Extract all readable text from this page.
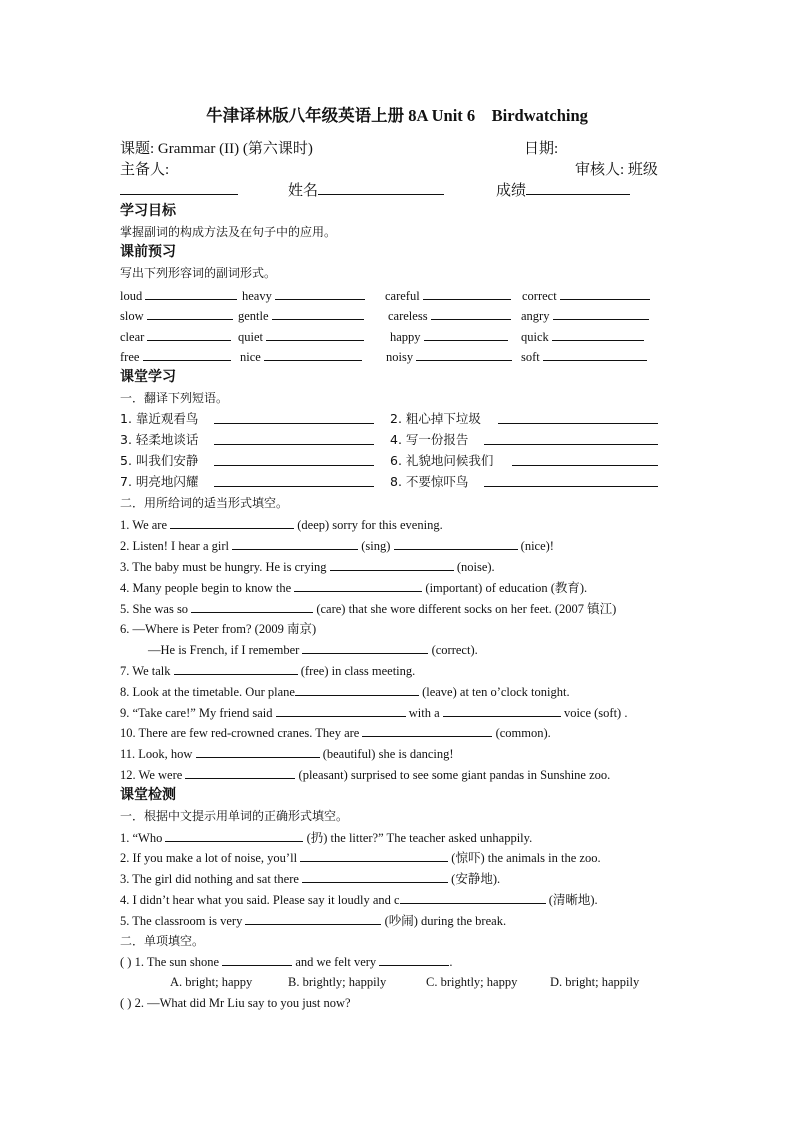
牛津译林版八年级英语上册 8A Unit 6　Birdwatching
课题: Grammar (II) (第六课时)	日期:
主备人:	审核人: 班级
姓名	成绩
学习目标
掌握副词的构成方法及在句子中的应用。
课前预习
写出下列形容词的副词形式。
loud	heavy	careful	correct
slow	gentle	careless	angry
clear	quiet	happy	quick
free	nice	noisy	soft
课堂学习
一．翻译下列短语。
1. 靠近观看鸟	2. 粗心掉下垃圾
3. 轻柔地谈话	4. 写一份报告
5. 叫我们安静	6. 礼貌地问候我们
7. 明亮地闪耀	8. 不要惊吓鸟
二．用所给词的适当形式填空。
1. We are	(deep) sorry for this evening.
2. Listen! I hear a girl	(sing)	(nice)!
3. The baby must be hungry. He is crying	(noise).
4. Many people begin to know the	(important) of education (教育).
5. She was so	(care) that she wore different socks on her feet. (2007 镇江)
6. —Where is Peter from? (2009 南京)
—He is French, if I remember	(correct).
7. We talk	(free) in class meeting.
8. Look at the timetable. Our plane	(leave) at ten o’clock tonight.
9. “Take care!” My friend said	with a	voice (soft) .
10. There are few red-crowned cranes. They are	(common).
11. Look, how	(beautiful) she is dancing!
12. We were	(pleasant) surprised to see some giant pandas in Sunshine zoo.
课堂检测
一．根据中文提示用单词的正确形式填空。
1. “Who	(扔) the litter?” The teacher asked unhappily.
2. If you make a lot of noise, you’ll	(惊吓) the animals in the zoo.
3. The girl did nothing and sat there	(安静地).
4. I didn’t hear what you said. Please say it loudly and c	(清晰地).
5. The classroom is very	(吵闹) during the break.
二．单项填空。
( ) 1. The sun shone	and we felt very	.
A. bright; happy	B. brightly; happily	C. brightly; happy	D. bright; happily
( ) 2. —What did Mr Liu say to you just now?
